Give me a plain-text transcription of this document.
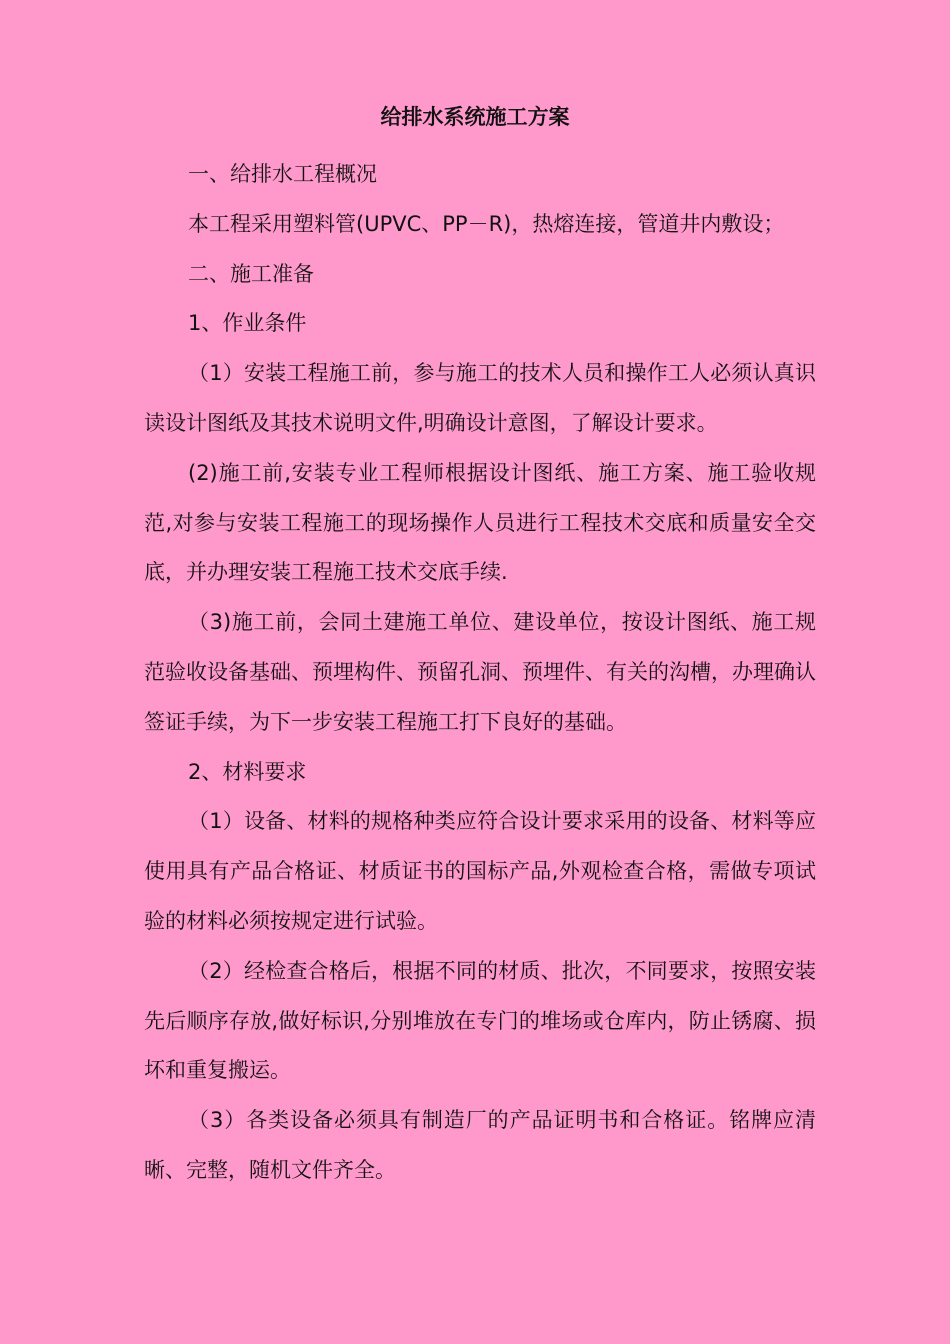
给排水系统施工方案

一、给排水工程概况

本工程采用塑料管(UPVC、PP－R)，热熔连接，管道井内敷设；

二、施工准备

1、作业条件

（1）安装工程施工前，参与施工的技术人员和操作工人必须认真识读设计图纸及其技术说明文件,明确设计意图，了解设计要求。

(2)施工前,安装专业工程师根据设计图纸、施工方案、施工验收规范,对参与安装工程施工的现场操作人员进行工程技术交底和质量安全交底，并办理安装工程施工技术交底手续.

（3)施工前，会同土建施工单位、建设单位，按设计图纸、施工规范验收设备基础、预埋构件、预留孔洞、预埋件、有关的沟槽，办理确认签证手续，为下一步安装工程施工打下良好的基础。

2、材料要求

（1）设备、材料的规格种类应符合设计要求采用的设备、材料等应使用具有产品合格证、材质证书的国标产品,外观检查合格，需做专项试验的材料必须按规定进行试验。

（2）经检查合格后，根据不同的材质、批次，不同要求，按照安装先后顺序存放,做好标识,分别堆放在专门的堆场或仓库内，防止锈腐、损坏和重复搬运。

（3）各类设备必须具有制造厂的产品证明书和合格证。铭牌应清晰、完整，随机文件齐全。
